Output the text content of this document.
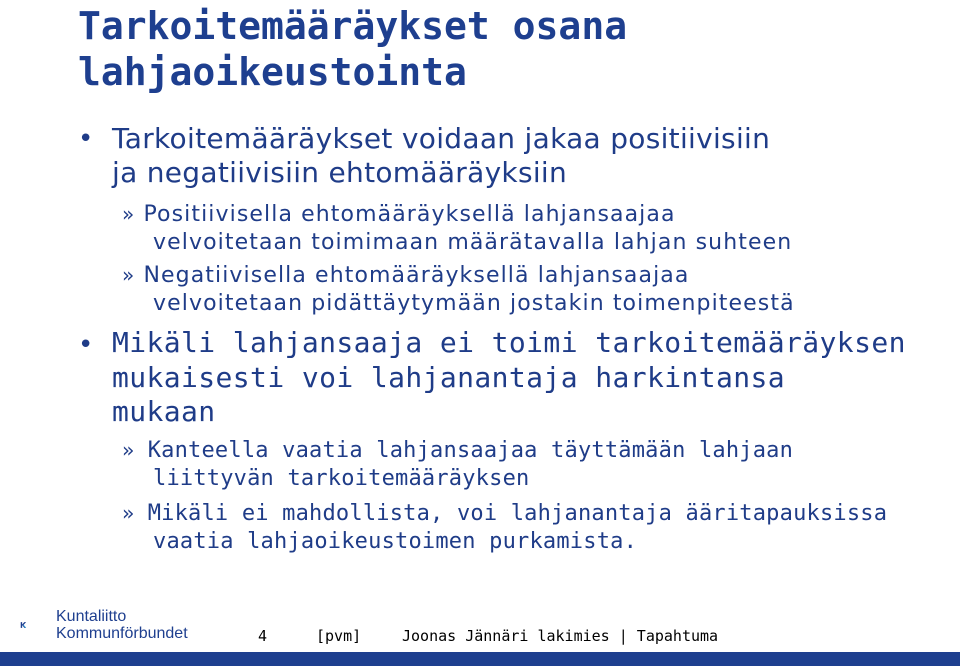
Tarkoitemääräykset osana
lahjaoikeustointa
• Tarkoitemääräykset voidaan jakaa positiivisiin
ja negatiivisiin ehtomääräyksiin
» Positiivisella ehtomääräyksellä lahjansaajaa
velvoitetaan toimimaan määrätavalla lahjan suhteen
» Negatiivisella ehtomääräyksellä lahjansaajaa
velvoitetaan pidättäytymään jostakin toimenpiteestä
• Mikäli lahjansaaja ei toimi tarkoitemääräyksen
mukaisesti voi lahjanantaja harkintansa
mukaan
» Kanteella vaatia lahjansaajaa täyttämään lahjaan
liittyvän tarkoitemääräyksen
» Mikäli ei mahdollista, voi lahjanantaja ääritapauksissa
vaatia lahjaoikeustoimen purkamista.
Kuntaliitto
Kommunförbundet	4	[pvm]	Joonas Jännäri lakimies | Tapahtuma
